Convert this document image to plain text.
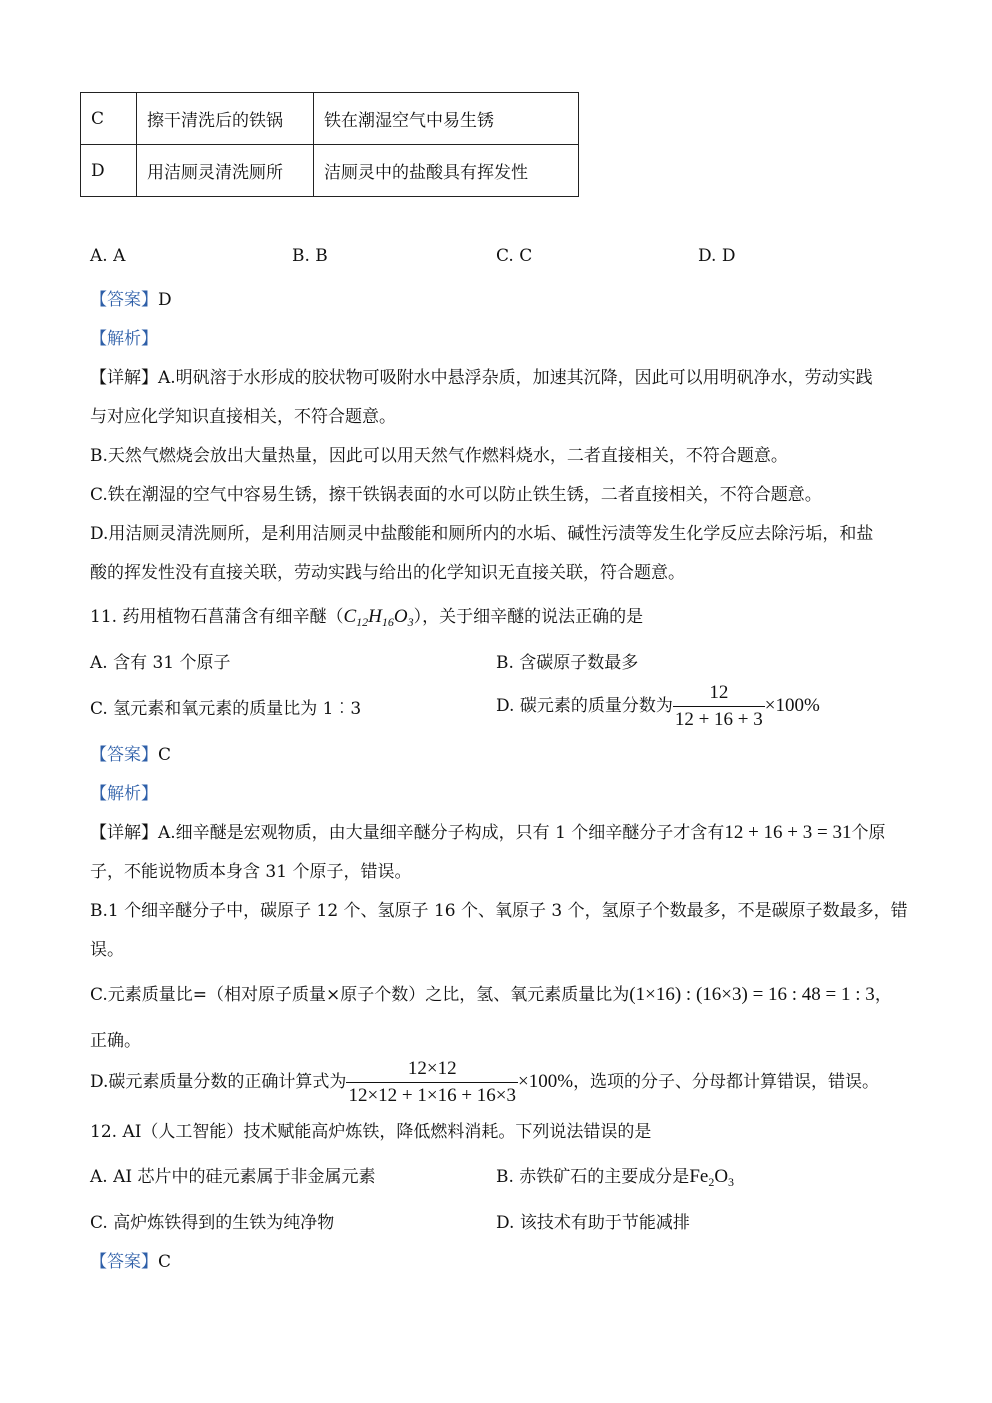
C	擦干清洗后的铁锅	铁在潮湿空气中易生锈
D	用洁厕灵清洗厕所	洁厕灵中的盐酸具有挥发性
A. A	B. B	C. C	D. D
【答案】D
【解析】
【详解】A.明矾溶于水形成的胶状物可吸附水中悬浮杂质，加速其沉降，因此可以用明矾净水，劳动实践
与对应化学知识直接相关，不符合题意。
B.天然气燃烧会放出大量热量，因此可以用天然气作燃料烧水，二者直接相关，不符合题意。
C.铁在潮湿的空气中容易生锈，擦干铁锅表面的水可以防止铁生锈，二者直接相关，不符合题意。
D.用洁厕灵清洗厕所，是利用洁厕灵中盐酸能和厕所内的水垢、碱性污渍等发生化学反应去除污垢，和盐
酸的挥发性没有直接关联，劳动实践与给出的化学知识无直接关联，符合题意。
11. 药用植物石菖蒲含有细辛醚$(C_{12}H_{16}O_3)$，关于细辛醚的说法正确的是
A. 含有 31 个原子	B. 含碳原子数最多
C. 氢元素和氧元素的质量比为 1︰3	D. 碳元素的质量分数为 $\frac{12}{12 + 16 + 3} \times 100\%$
【答案】C
【解析】
【详解】A.细辛醚是宏观物质，由大量细辛醚分子构成，只有 1 个细辛醚分子才含有12 + 16 + 3 = 31个原
子，不能说物质本身含 31 个原子，错误。
B.1 个细辛醚分子中，碳原子 12 个、氢原子 16 个、氧原子 3 个，氢原子个数最多，不是碳原子数最多，错
误。
C.元素质量比=（相对原子质量×原子个数）之比，氢、氧元素质量比为(1×16) : (16×3) = 16 : 48 = 1 : 3，
正确。
D.碳元素质量分数的正确计算式为 $\frac{12\times 12}{12\times 12 + 1\times 16 + 16\times 3} \times 100\%$，选项的分子、分母都计算错误，错误。
12. AI（人工智能）技术赋能高炉炼铁，降低燃料消耗。下列说法错误的是
A. AI 芯片中的硅元素属于非金属元素	B. 赤铁矿石的主要成分是$Fe_2O_3$
C. 高炉炼铁得到的生铁为纯净物	D. 该技术有助于节能减排
【答案】C
